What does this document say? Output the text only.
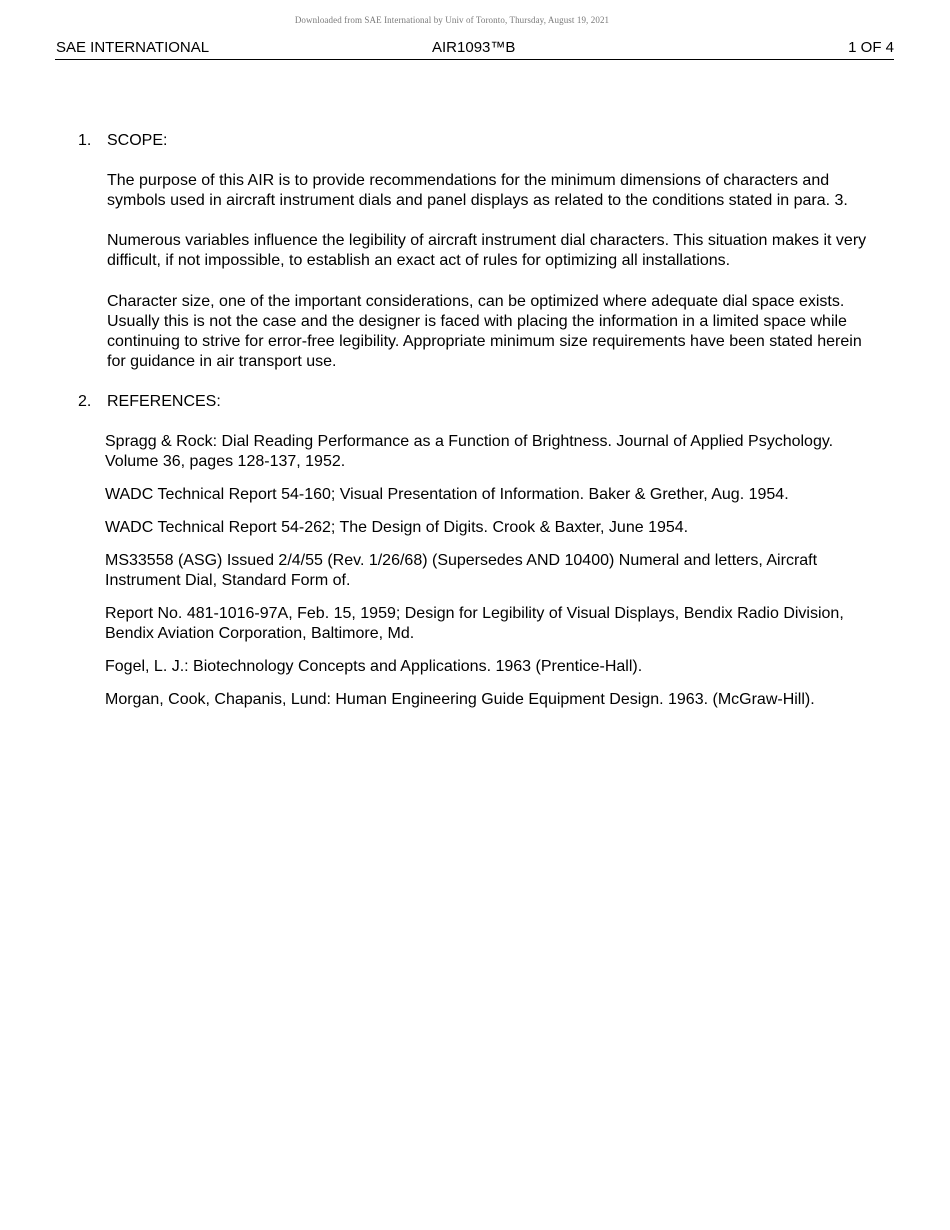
Downloaded from SAE International by Univ of Toronto, Thursday, August 19, 2021
SAE INTERNATIONAL	AIR1093™B	1 OF 4
1. SCOPE:

The purpose of this AIR is to provide recommendations for the minimum dimensions of characters and symbols used in aircraft instrument dials and panel displays as related to the conditions stated in para. 3.

Numerous variables influence the legibility of aircraft instrument dial characters. This situation makes it very difficult, if not impossible, to establish an exact act of rules for optimizing all installations.

Character size, one of the important considerations, can be optimized where adequate dial space exists. Usually this is not the case and the designer is faced with placing the information in a limited space while continuing to strive for error-free legibility. Appropriate minimum size requirements have been stated herein for guidance in air transport use.

2. REFERENCES:
Spragg & Rock: Dial Reading Performance as a Function of Brightness. Journal of Applied Psychology. Volume 36, pages 128-137, 1952.
WADC Technical Report 54-160; Visual Presentation of Information. Baker & Grether, Aug. 1954.
WADC Technical Report 54-262; The Design of Digits. Crook & Baxter, June 1954.
MS33558 (ASG) Issued 2/4/55 (Rev. 1/26/68) (Supersedes AND 10400) Numeral and letters, Aircraft Instrument Dial, Standard Form of.
Report No. 481-1016-97A, Feb. 15, 1959; Design for Legibility of Visual Displays, Bendix Radio Division, Bendix Aviation Corporation, Baltimore, Md.
Fogel, L. J.: Biotechnology Concepts and Applications. 1963 (Prentice-Hall).
Morgan, Cook, Chapanis, Lund: Human Engineering Guide Equipment Design. 1963. (McGraw-Hill).
